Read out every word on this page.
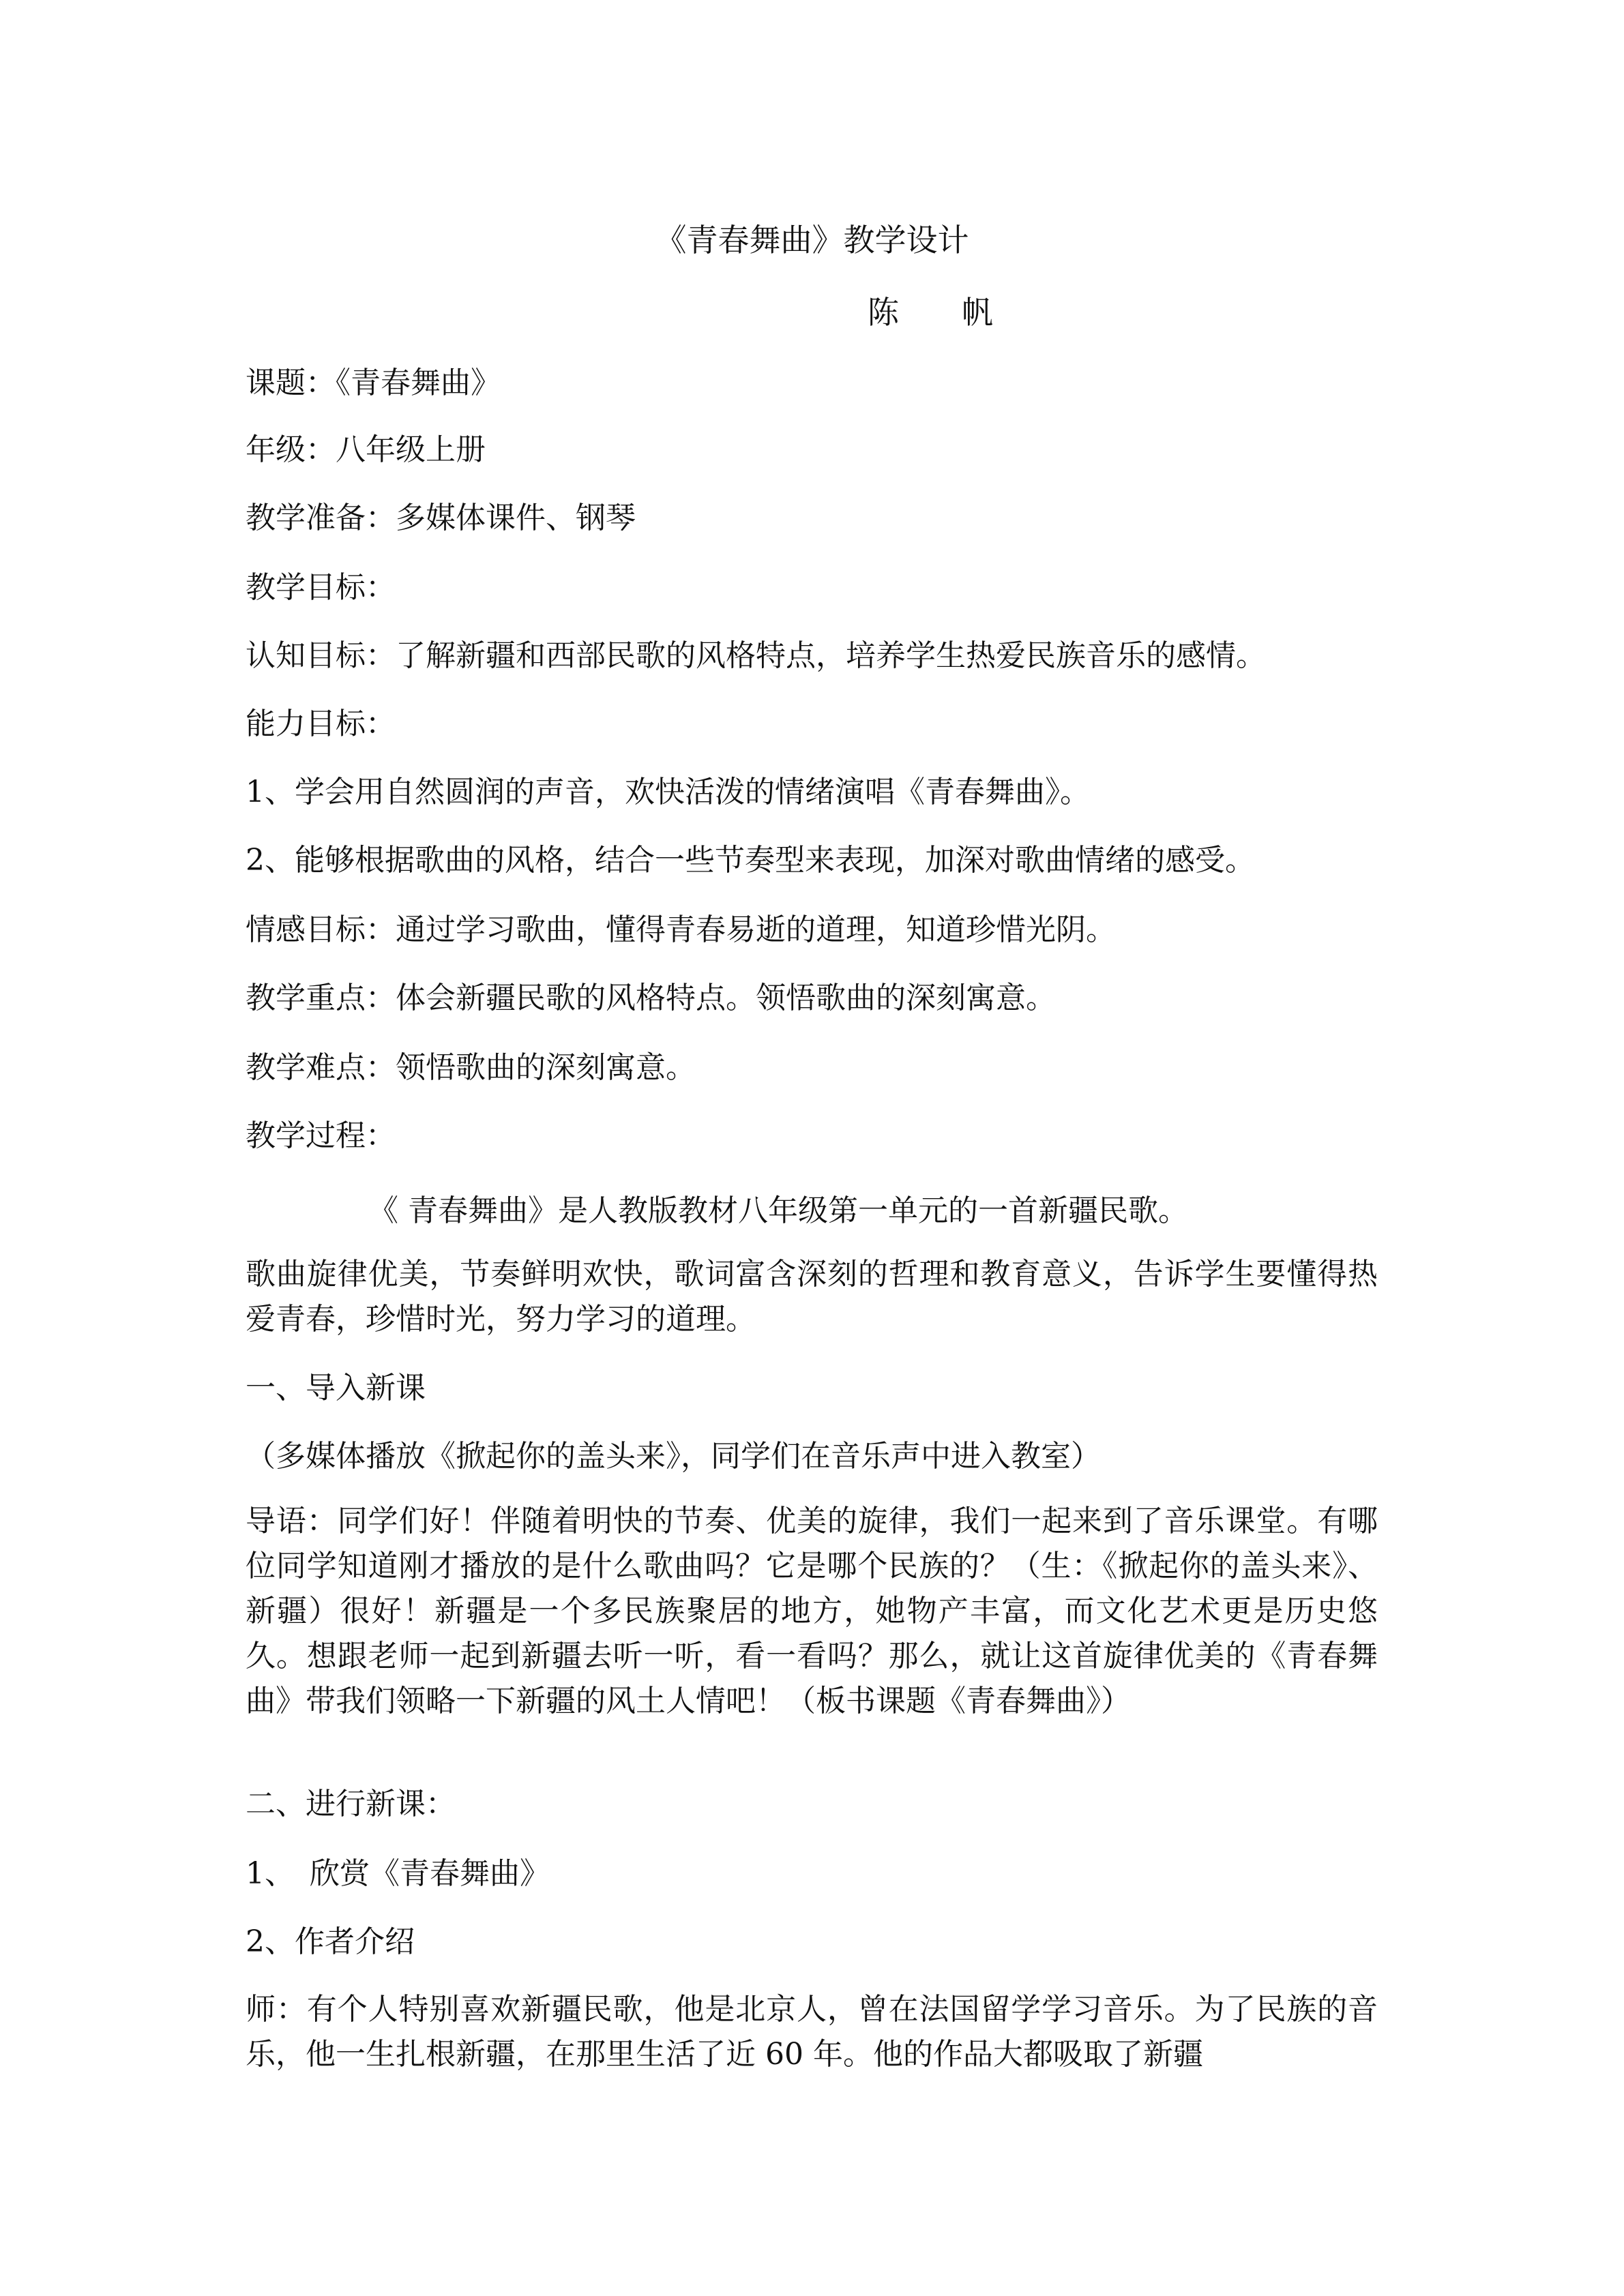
《青春舞曲》教学设计
陈　　帆
课题：《青春舞曲》
年级：八年级上册
教学准备：多媒体课件、钢琴
教学目标：
认知目标：了解新疆和西部民歌的风格特点，培养学生热爱民族音乐的感情。
能力目标：
1、学会用自然圆润的声音，欢快活泼的情绪演唱《青春舞曲》。
2、能够根据歌曲的风格，结合一些节奏型来表现，加深对歌曲情绪的感受。
情感目标：通过学习歌曲，懂得青春易逝的道理，知道珍惜光阴。
教学重点：体会新疆民歌的风格特点。领悟歌曲的深刻寓意。
教学难点：领悟歌曲的深刻寓意。
教学过程：
《 青春舞曲》是人教版教材八年级第一单元的一首新疆民歌。
歌曲旋律优美，节奏鲜明欢快，歌词富含深刻的哲理和教育意义，告诉学生要懂得热爱青春，珍惜时光，努力学习的道理。
一、导入新课
（多媒体播放《掀起你的盖头来》，同学们在音乐声中进入教室）
导语：同学们好！伴随着明快的节奏、优美的旋律，我们一起来到了音乐课堂。有哪位同学知道刚才播放的是什么歌曲吗？它是哪个民族的？（生：《掀起你的盖头来》、新疆）很好！新疆是一个多民族聚居的地方，她物产丰富，而文化艺术更是历史悠久。想跟老师一起到新疆去听一听，看一看吗？那么，就让这首旋律优美的《青春舞曲》带我们领略一下新疆的风土人情吧！（板书课题《青春舞曲》）
二、进行新课：
1、　欣赏《青春舞曲》
2、作者介绍
师：有个人特别喜欢新疆民歌，他是北京人，曾在法国留学学习音乐。为了民族的音乐，他一生扎根新疆，在那里生活了近 60 年。他的作品大都吸取了新疆
